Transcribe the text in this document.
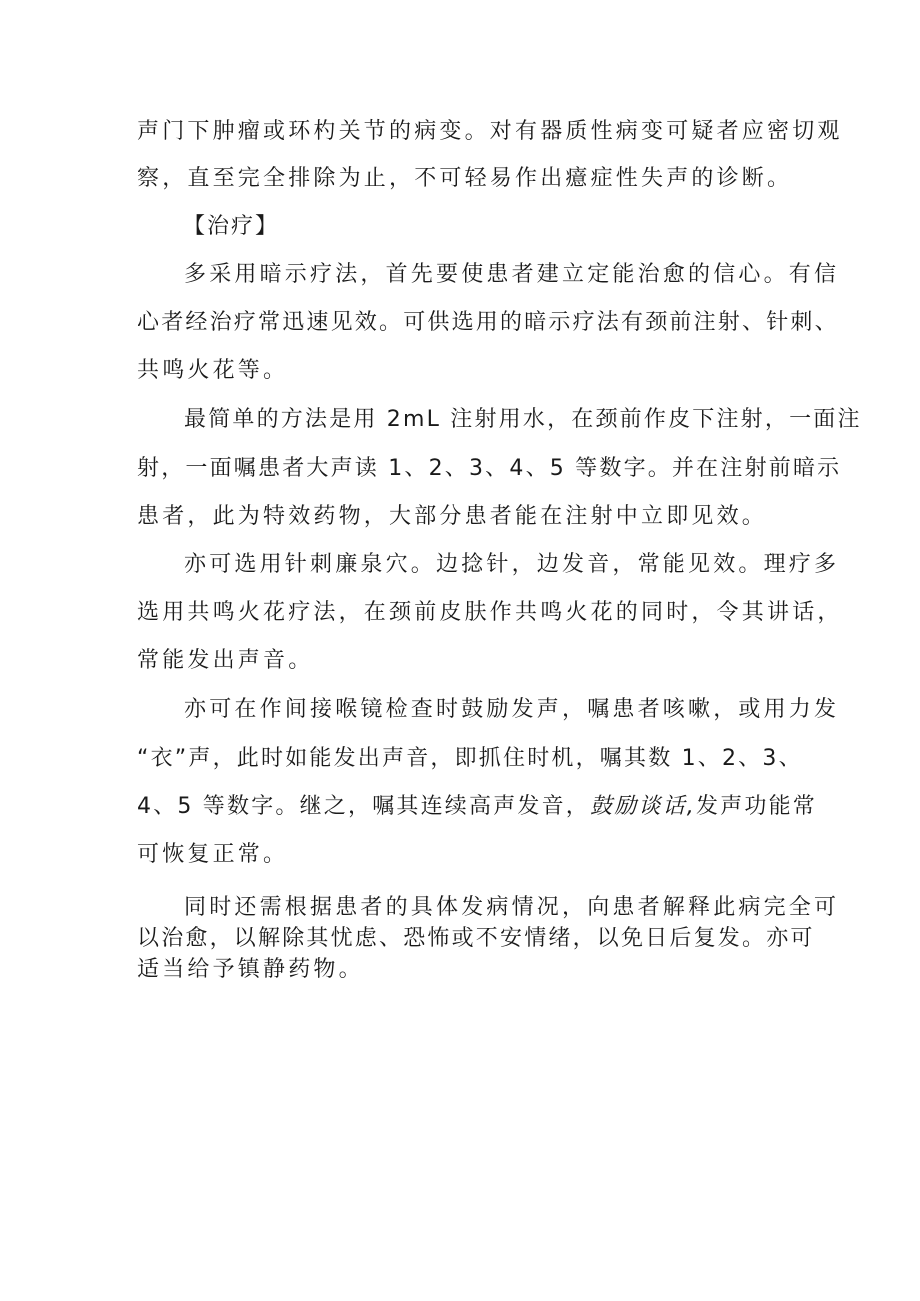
声门下肿瘤或环杓关节的病变。对有器质性病变可疑者应密切观

察，直至完全排除为止，不可轻易作出癔症性失声的诊断。

【治疗】

多采用暗示疗法，首先要使患者建立定能治愈的信心。有信

心者经治疗常迅速见效。可供选用的暗示疗法有颈前注射、针刺、

共鸣火花等。

最简单的方法是用 2mL 注射用水，在颈前作皮下注射，一面注

射，一面嘱患者大声读 1、2、3、4、5 等数字。并在注射前暗示

患者，此为特效药物，大部分患者能在注射中立即见效。

亦可选用针刺廉泉穴。边捻针，边发音，常能见效。理疗多

选用共鸣火花疗法，在颈前皮肤作共鸣火花的同时，令其讲话，

常能发出声音。

亦可在作间接喉镜检查时鼓励发声，嘱患者咳嗽，或用力发

“衣”声，此时如能发出声音，即抓住时机，嘱其数 1、2、3、

4、5 等数字。继之，嘱其连续高声发音，鼓励谈话,发声功能常

可恢复正常。

同时还需根据患者的具体发病情况，向患者解释此病完全可

以治愈，以解除其忧虑、恐怖或不安情绪，以免日后复发。亦可

适当给予镇静药物。
